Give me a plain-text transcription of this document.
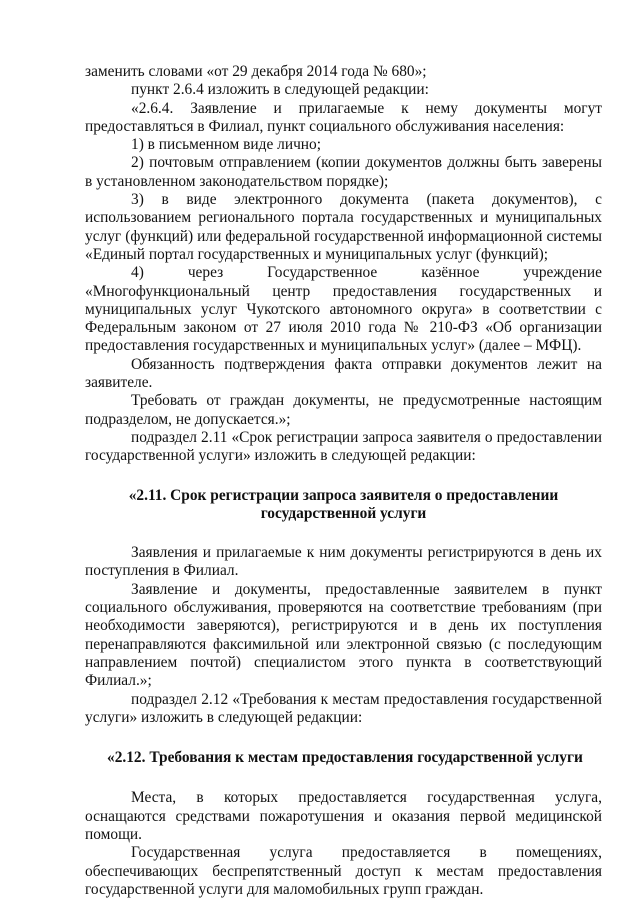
заменить словами «от 29 декабря 2014 года № 680»;

пункт 2.6.4 изложить в следующей редакции:

«2.6.4. Заявление и прилагаемые к нему документы могут предоставляться в Филиал, пункт социального обслуживания населения:

1) в письменном виде лично;

2) почтовым отправлением (копии документов должны быть заверены в установленном законодательством порядке);

3) в виде электронного документа (пакета документов), с использованием регионального портала государственных и муниципальных услуг (функций) или федеральной государственной информационной системы «Единый портал государственных и муниципальных услуг (функций);

4) через Государственное казённое учреждение «Многофункциональный центр предоставления государственных и муниципальных услуг Чукотского автономного округа» в соответствии с Федеральным законом от 27 июля 2010 года № 210-ФЗ «Об организации предоставления государственных и муниципальных услуг» (далее – МФЦ).

Обязанность подтверждения факта отправки документов лежит на заявителе.

Требовать от граждан документы, не предусмотренные настоящим подразделом, не допускается.»;

подраздел 2.11 «Срок регистрации запроса заявителя о предоставлении государственной услуги» изложить в следующей редакции:

«2.11. Срок регистрации запроса заявителя о предоставлении государственной услуги

Заявления и прилагаемые к ним документы регистрируются в день их поступления в Филиал.

Заявление и документы, предоставленные заявителем в пункт социального обслуживания, проверяются на соответствие требованиям (при необходимости заверяются), регистрируются и в день их поступления перенаправляются факсимильной или электронной связью (с последующим направлением почтой) специалистом этого пункта в соответствующий Филиал.»;

подраздел 2.12 «Требования к местам предоставления государственной услуги» изложить в следующей редакции:

«2.12. Требования к местам предоставления государственной услуги

Места, в которых предоставляется государственная услуга, оснащаются средствами пожаротушения и оказания первой медицинской помощи.

Государственная услуга предоставляется в помещениях, обеспечивающих беспрепятственный доступ к местам предоставления государственной услуги для маломобильных групп граждан.
